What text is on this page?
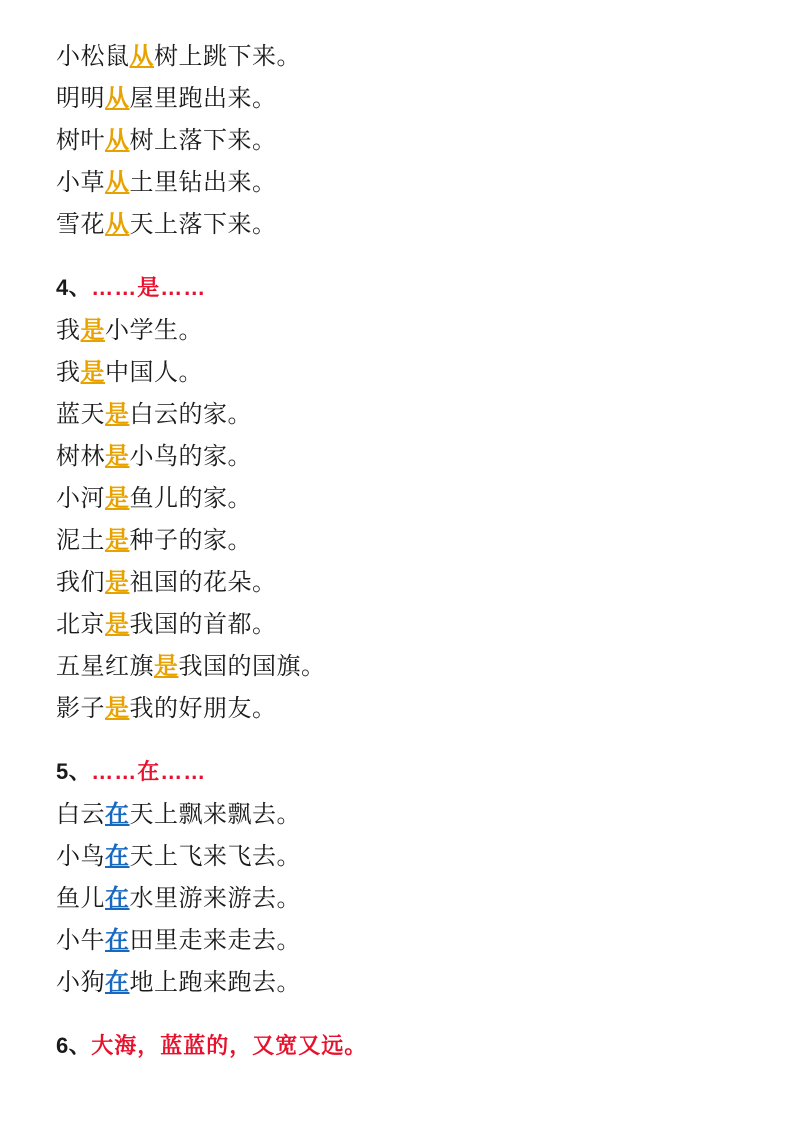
小松鼠从树上跳下来。
明明从屋里跑出来。
树叶从树上落下来。
小草从土里钻出来。
雪花从天上落下来。
4、……是……
我是小学生。
我是中国人。
蓝天是白云的家。
树林是小鸟的家。
小河是鱼儿的家。
泥土是种子的家。
我们是祖国的花朵。
北京是我国的首都。
五星红旗是我国的国旗。
影子是我的好朋友。
5、……在……
白云在天上飘来飘去。
小鸟在天上飞来飞去。
鱼儿在水里游来游去。
小牛在田里走来走去。
小狗在地上跑来跑去。
6、大海，蓝蓝的，又宽又远。
